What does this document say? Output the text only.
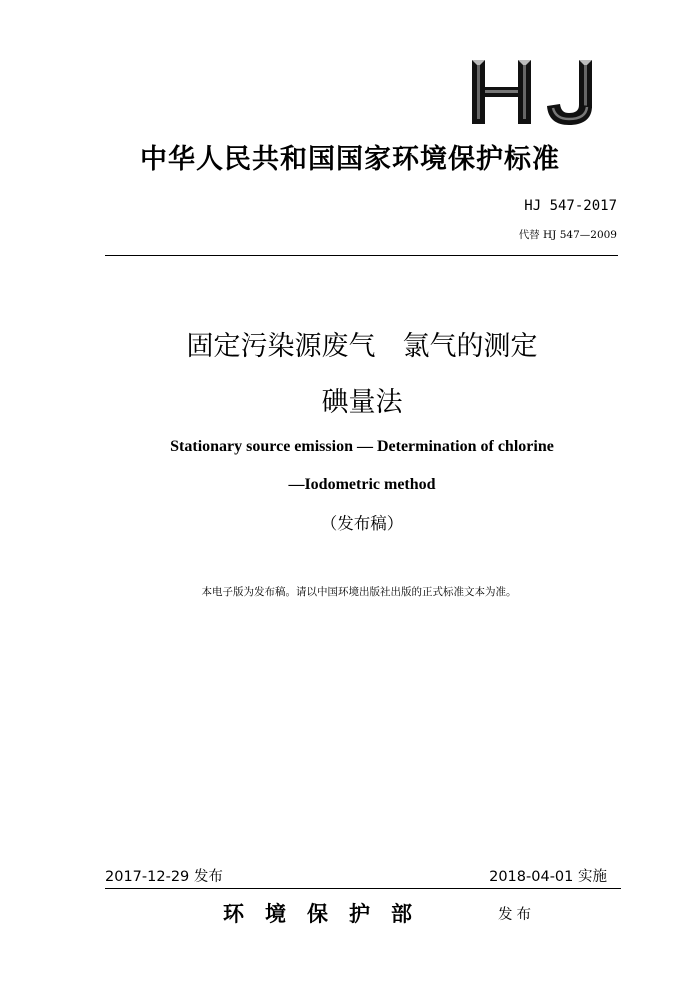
中华人民共和国国家环境保护标准
HJ 547-2017
代替 HJ 547—2009
固定污染源废气　氯气的测定
碘量法
Stationary source emission — Determination of chlorine
—Iodometric method
（发布稿）
本电子版为发布稿。请以中国环境出版社出版的正式标准文本为准。
2017-12-29 发布	2018-04-01 实施
环境保护部	发布
